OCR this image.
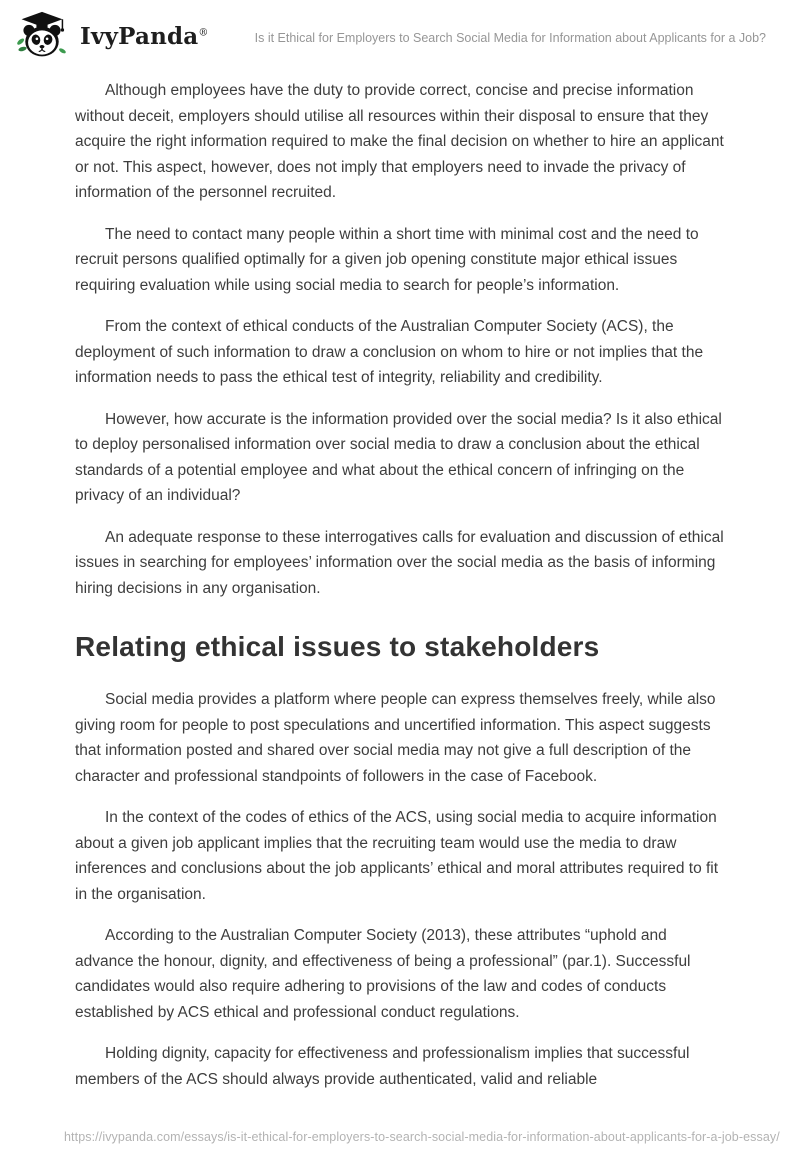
IvyPanda®	Is it Ethical for Employers to Search Social Media for Information about Applicants for a Job?

Although employees have the duty to provide correct, concise and precise information without deceit, employers should utilise all resources within their disposal to ensure that they acquire the right information required to make the final decision on whether to hire an applicant or not. This aspect, however, does not imply that employers need to invade the privacy of information of the personnel recruited.

The need to contact many people within a short time with minimal cost and the need to recruit persons qualified optimally for a given job opening constitute major ethical issues requiring evaluation while using social media to search for people’s information.

From the context of ethical conducts of the Australian Computer Society (ACS), the deployment of such information to draw a conclusion on whom to hire or not implies that the information needs to pass the ethical test of integrity, reliability and credibility.

However, how accurate is the information provided over the social media? Is it also ethical to deploy personalised information over social media to draw a conclusion about the ethical standards of a potential employee and what about the ethical concern of infringing on the privacy of an individual?

An adequate response to these interrogatives calls for evaluation and discussion of ethical issues in searching for employees’ information over the social media as the basis of informing hiring decisions in any organisation.

Relating ethical issues to stakeholders

Social media provides a platform where people can express themselves freely, while also giving room for people to post speculations and uncertified information. This aspect suggests that information posted and shared over social media may not give a full description of the character and professional standpoints of followers in the case of Facebook.

In the context of the codes of ethics of the ACS, using social media to acquire information about a given job applicant implies that the recruiting team would use the media to draw inferences and conclusions about the job applicants’ ethical and moral attributes required to fit in the organisation.

According to the Australian Computer Society (2013), these attributes “uphold and advance the honour, dignity, and effectiveness of being a professional” (par.1). Successful candidates would also require adhering to provisions of the law and codes of conducts established by ACS ethical and professional conduct regulations.

Holding dignity, capacity for effectiveness and professionalism implies that successful members of the ACS should always provide authenticated, valid and reliable

https://ivypanda.com/essays/is-it-ethical-for-employers-to-search-social-media-for-information-about-applicants-for-a-job-essay/
